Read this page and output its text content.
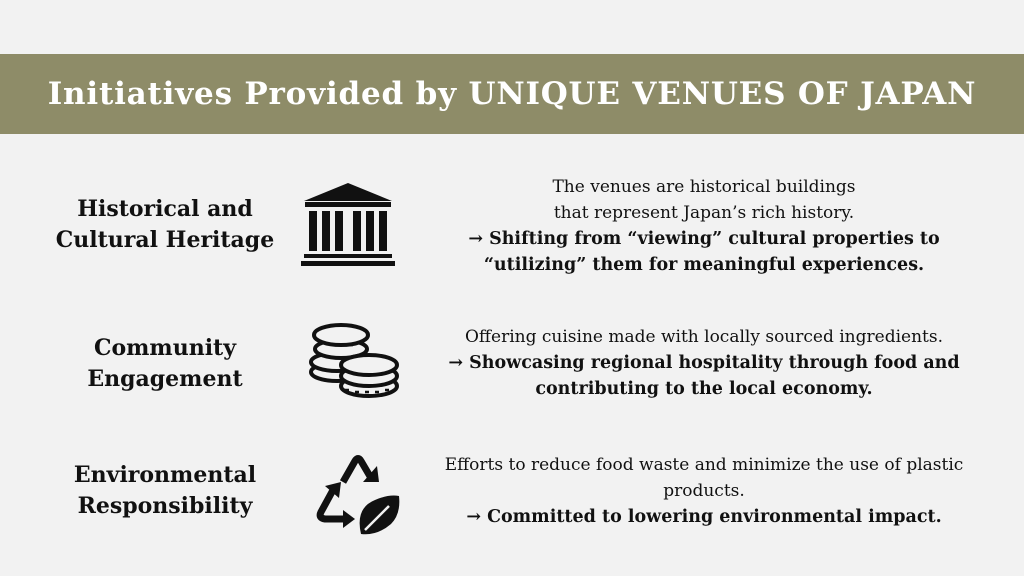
Initiatives Provided by UNIQUE VENUES OF JAPAN
Historical and
Cultural Heritage

The venues are historical buildings

that represent Japan’s rich history.

→ Shifting from “viewing” cultural properties to

“utilizing” them for meaningful experiences.

Community
Engagement

Offering cuisine made with locally sourced ingredients.

→ Showcasing regional hospitality through food and

contributing to the local economy.

Environmental
Responsibility

Efforts to reduce food waste and minimize the use of plastic

products.

→ Committed to lowering environmental impact.
